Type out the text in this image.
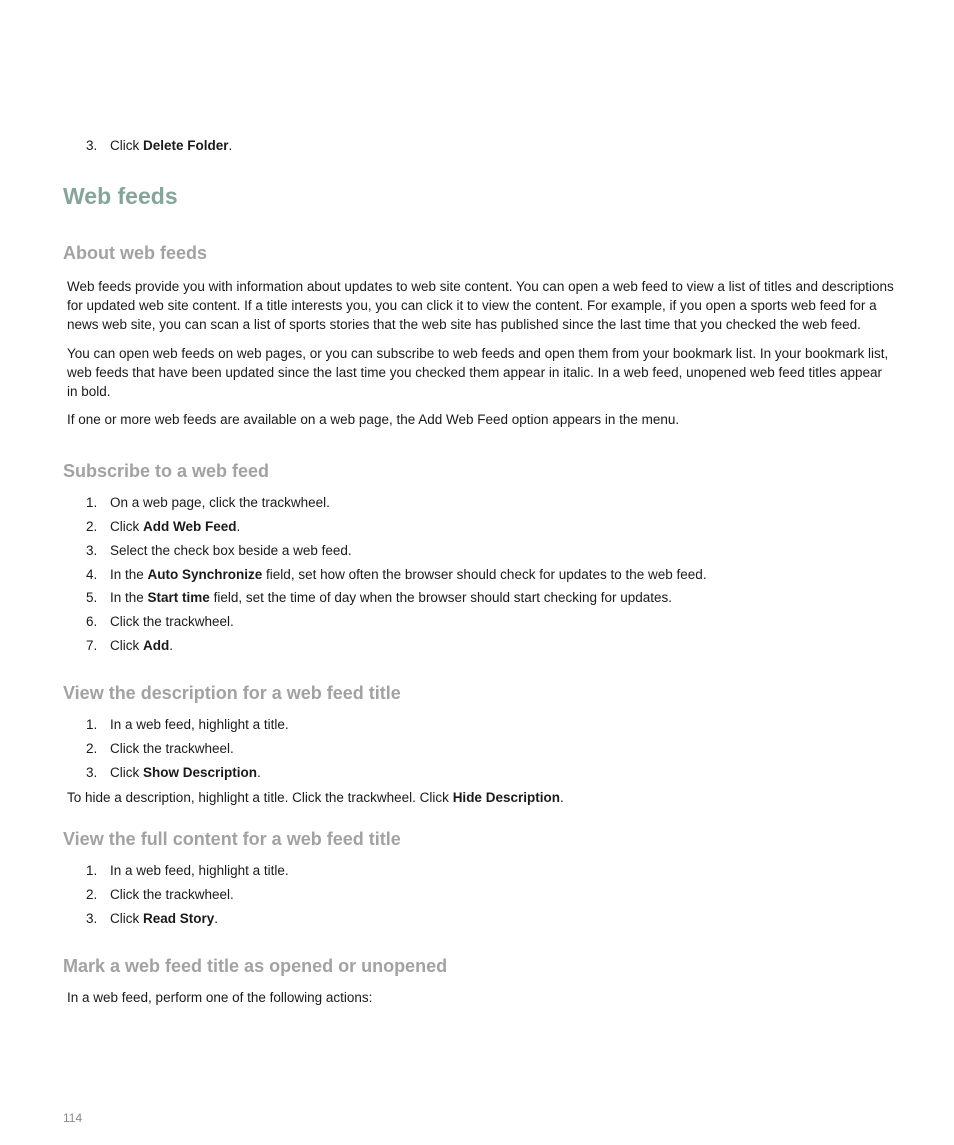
3. Click Delete Folder.
Web feeds
About web feeds
Web feeds provide you with information about updates to web site content. You can open a web feed to view a list of titles and descriptions for updated web site content. If a title interests you, you can click it to view the content. For example, if you open a sports web feed for a news web site, you can scan a list of sports stories that the web site has published since the last time that you checked the web feed.
You can open web feeds on web pages, or you can subscribe to web feeds and open them from your bookmark list. In your bookmark list, web feeds that have been updated since the last time you checked them appear in italic. In a web feed, unopened web feed titles appear in bold.
If one or more web feeds are available on a web page, the Add Web Feed option appears in the menu.
Subscribe to a web feed
1. On a web page, click the trackwheel.
2. Click Add Web Feed.
3. Select the check box beside a web feed.
4. In the Auto Synchronize field, set how often the browser should check for updates to the web feed.
5. In the Start time field, set the time of day when the browser should start checking for updates.
6. Click the trackwheel.
7. Click Add.
View the description for a web feed title
1. In a web feed, highlight a title.
2. Click the trackwheel.
3. Click Show Description.
To hide a description, highlight a title. Click the trackwheel. Click Hide Description.
View the full content for a web feed title
1. In a web feed, highlight a title.
2. Click the trackwheel.
3. Click Read Story.
Mark a web feed title as opened or unopened
In a web feed, perform one of the following actions:
114
